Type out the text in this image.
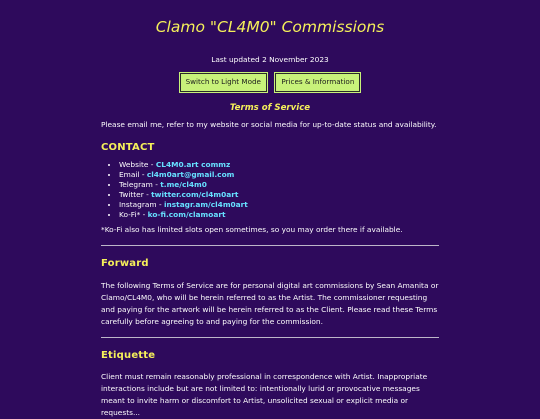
Clamo "CL4M0" Commissions
Last updated 2 November 2023
Switch to Light Mode	Prices & Information
Terms of Service

Please email me, refer to my website or social media for up-to-date status and availability.

CONTACT
• Website - CL4M0.art commz
• Email - cl4m0art@gmail.com
• Telegram - t.me/cl4m0
• Twitter - twitter.com/cl4m0art
• Instagram - instagr.am/cl4m0art
• Ko-Fi* - ko-fi.com/clamoart

*Ko-Fi also has limited slots open sometimes, so you may order there if available.

Forward

The following Terms of Service are for personal digital art commissions by Sean Amanita or Clamo/CL4M0, who will be herein referred to as the Artist. The commissioner requesting and paying for the artwork will be herein referred to as the Client. Please read these Terms carefully before agreeing to and paying for the commission.

Etiquette

Client must remain reasonably professional in correspondence with Artist. Inappropriate interactions include but are not limited to: intentionally lurid or provocative messages meant to invite harm or discomfort to Artist, unsolicited sexual or explicit media or requests...
